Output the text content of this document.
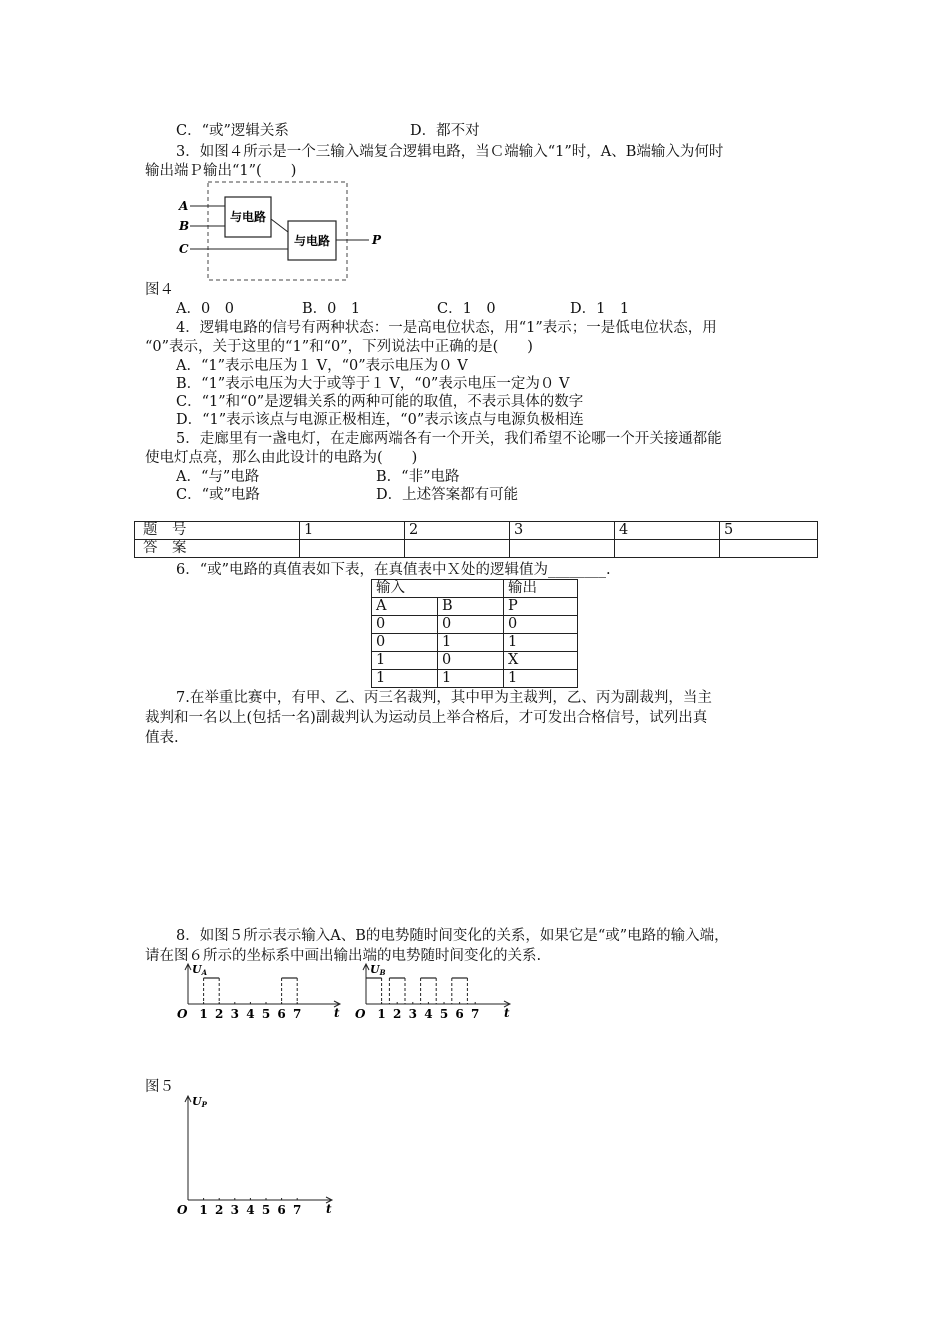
C．“或”逻辑关系	D．都不对
3．如图４所示是一个三输入端复合逻辑电路，当Ｃ端输入“1”时，A、B端输入为何时
输出端Ｐ输出“1”(　　)
A
B
C
与电路
与电路	P
图４
A．0　0	B．0　1	C．1　0	D．1　1
4．逻辑电路的信号有两种状态：一是高电位状态，用“1”表示；一是低电位状态，用
“0”表示，关于这里的“1”和“0”，下列说法中正确的是(　　)
A．“1”表示电压为１ V，“0”表示电压为０ V
B．“1”表示电压为大于或等于１ V，“0”表示电压一定为０ V
C．“1”和“0”是逻辑关系的两种可能的取值，不表示具体的数字
D．“1”表示该点与电源正极相连，“0”表示该点与电源负极相连
5．走廊里有一盏电灯，在走廊两端各有一个开关，我们希望不论哪一个开关接通都能
使电灯点亮，那么由此设计的电路为(　　)
A．“与”电路	B．“非”电路
C．“或”电路	D．上述答案都有可能
题　号	1	2	3	4	5
答　案					
6．“或”电路的真值表如下表，在真值表中Ｘ处的逻辑值为________.
输入		输出
A	B	P
0	0	0
0	1	1
1	0	X
1	1	1
7.在举重比赛中，有甲、乙、丙三名裁判，其中甲为主裁判，乙、丙为副裁判，当主
裁判和一名以上(包括一名)副裁判认为运动员上举合格后，才可发出合格信号，试列出真
值表.
8．如图５所示表示输入A、B的电势随时间变化的关系，如果它是“或”电路的输入端，
请在图６所示的坐标系中画出输出端的电势随时间变化的关系.
UA
O	t
1 2 3 4 5 6 7
UB
O	t
1 2 3 4 5 6 7
图５
UP
O	t
1 2 3 4 5 6 7
